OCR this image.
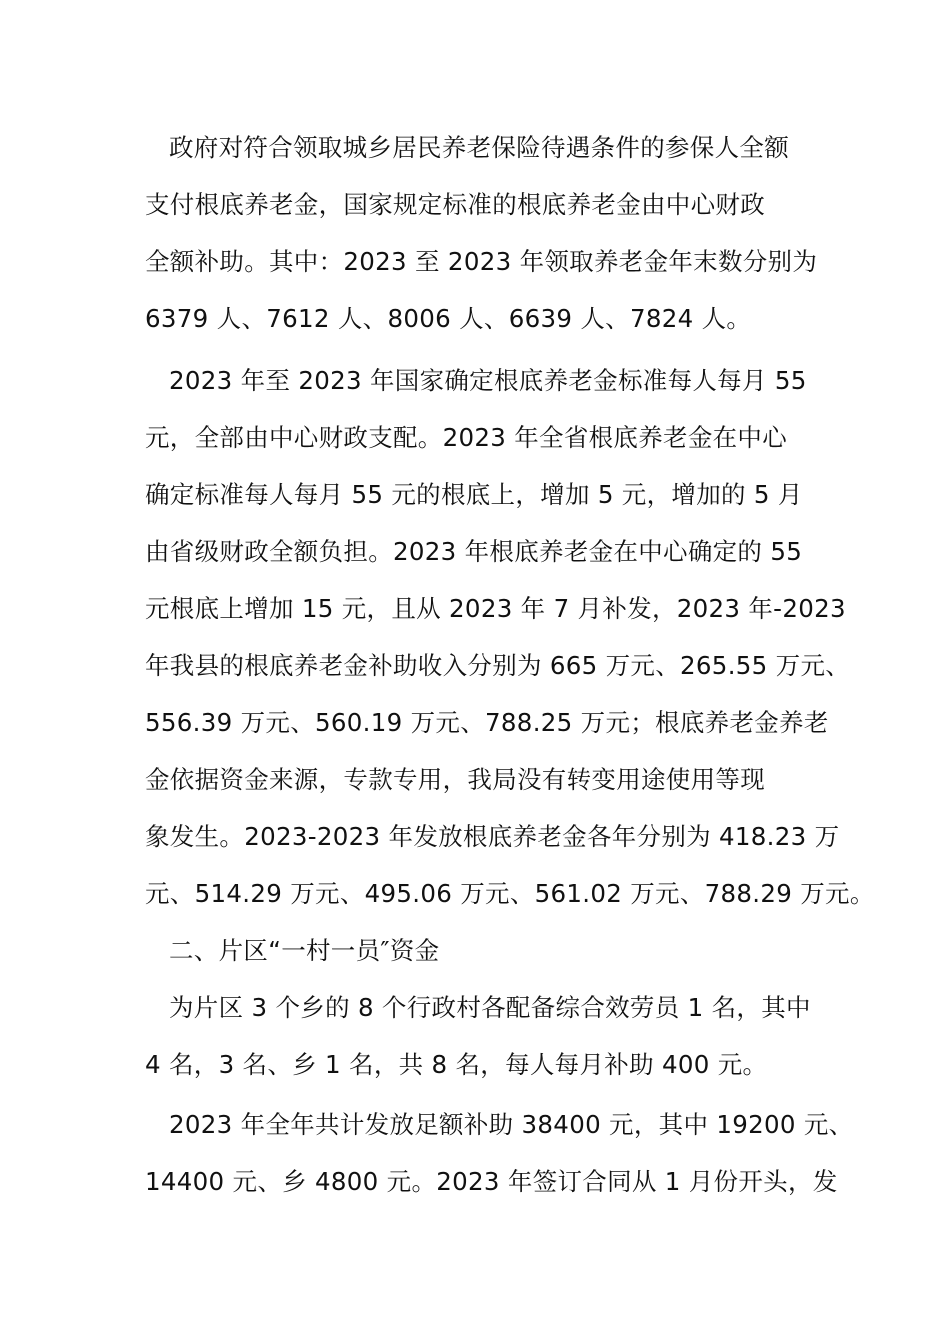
政府对符合领取城乡居民养老保险待遇条件的参保人全额
支付根底养老金，国家规定标准的根底养老金由中心财政
全额补助。其中：2023 至 2023 年领取养老金年末数分别为
6379 人、7612 人、8006 人、6639 人、7824 人。
2023 年至 2023 年国家确定根底养老金标准每人每月 55
元，全部由中心财政支配。2023 年全省根底养老金在中心
确定标准每人每月 55 元的根底上，增加 5 元，增加的 5 月
由省级财政全额负担。2023 年根底养老金在中心确定的 55
元根底上增加 15 元，且从 2023 年 7 月补发，2023 年-2023
年我县的根底养老金补助收入分别为 665 万元、265.55 万元、
556.39 万元、560.19 万元、788.25 万元；根底养老金养老
金依据资金来源，专款专用，我局没有转变用途使用等现
象发生。2023-2023 年发放根底养老金各年分别为 418.23 万
元、514.29 万元、495.06 万元、561.02 万元、788.29 万元。
二、片区“一村一员″资金
为片区 3 个乡的 8 个行政村各配备综合效劳员 1 名，其中
4 名，3 名、乡 1 名，共 8 名，每人每月补助 400 元。
2023 年全年共计发放足额补助 38400 元，其中 19200 元、
14400 元、乡 4800 元。2023 年签订合同从 1 月份开头，发
